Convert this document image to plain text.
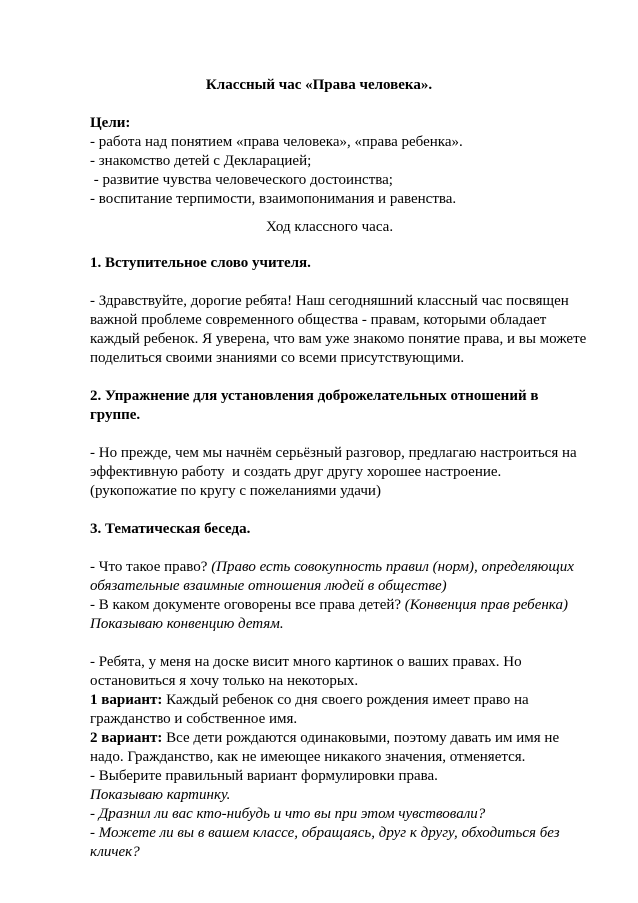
Классный час «Права человека».

Цели:

- работа над понятием «права человека», «права ребенка».

- знакомство детей с Декларацией;

- развитие чувства человеческого достоинства;

- воспитание терпимости, взаимопонимания и равенства.

Ход классного часа.

1. Вступительное слово учителя.

- Здравствуйте, дорогие ребята! Наш сегодняшний классный час посвящен

важной проблеме современного общества - правам, которыми обладает

каждый ребенок. Я уверена, что вам уже знакомо понятие права, и вы можете

поделиться своими знаниями со всеми присутствующими.

2. Упражнение для установления доброжелательных отношений в

группе.

- Но прежде, чем мы начнём серьёзный разговор, предлагаю настроиться на

эффективную работу  и создать друг другу хорошее настроение.

(рукопожатие по кругу с пожеланиями удачи)

3. Тематическая беседа.

- Что такое право? (Право есть совокупность правил (норм), определяющих

обязательные взаимные отношения людей в обществе)

- В каком документе оговорены все права детей? (Конвенция прав ребенка)

Показываю конвенцию детям.

- Ребята, у меня на доске висит много картинок о ваших правах. Но

остановиться я хочу только на некоторых.

1 вариант: Каждый ребенок со дня своего рождения имеет право на

гражданство и собственное имя.

2 вариант: Все дети рождаются одинаковыми, поэтому давать им имя не

надо. Гражданство, как не имеющее никакого значения, отменяется.

- Выберите правильный вариант формулировки права.

Показываю картинку.

- Дразнил ли вас кто-нибудь и что вы при этом чувствовали?

- Можете ли вы в вашем классе, обращаясь, друг к другу, обходиться без

кличек?
